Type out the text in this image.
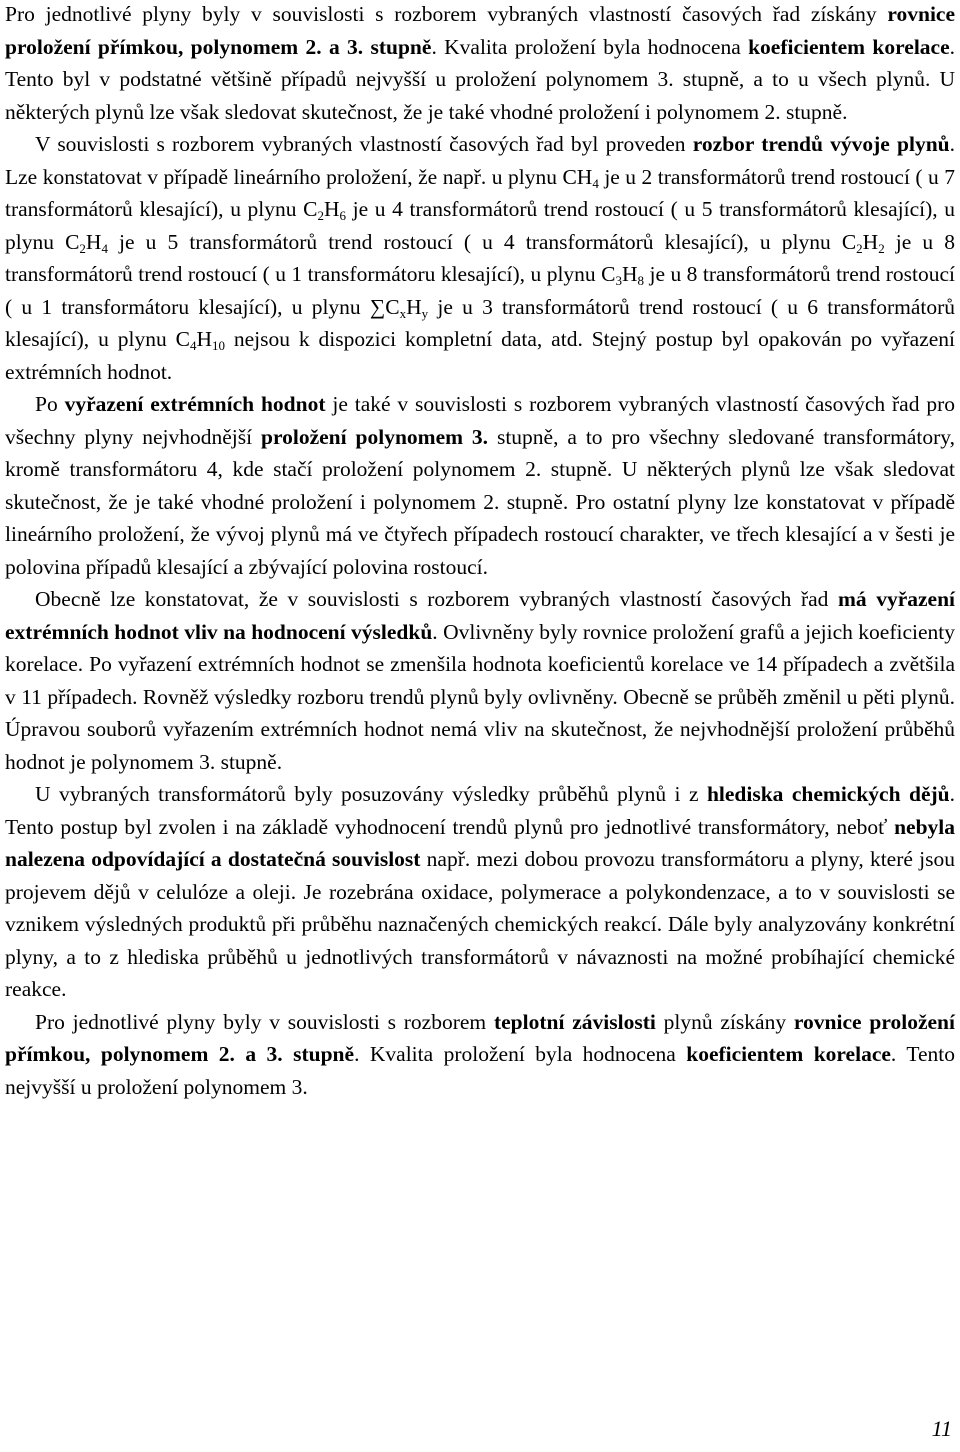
Pro jednotlivé plyny byly v souvislosti s rozborem vybraných vlastností časových řad získány rovnice proložení přímkou, polynomem 2. a 3. stupně. Kvalita proložení byla hodnocena koeficientem korelace. Tento byl v podstatné většině případů nejvyšší u proložení polynomem 3. stupně, a to u všech plynů. U některých plynů lze však sledovat skutečnost, že je také vhodné proložení i polynomem 2. stupně.

V souvislosti s rozborem vybraných vlastností časových řad byl proveden rozbor trendů vývoje plynů. Lze konstatovat v případě lineárního proložení, že např. u plynu $CH_4$ je u 2 transformátorů trend rostoucí ( u 7 transformátorů klesající), u plynu $C_2H_6$ je u 4 transformátorů trend rostoucí ( u 5 transformátorů klesající), u plynu $C_2H_4$ je u 5 transformátorů trend rostoucí ( u 4 transformátorů klesající), u plynu $C_2H_2$ je u 8 transformátorů trend rostoucí ( u 1 transformátoru klesající), u plynu $C_3H_8$ je u 8 transformátorů trend rostoucí ( u 1 transformátoru klesající), u plynu $\sum C_xH_y$ je u 3 transformátorů trend rostoucí ( u 6 transformátorů klesající), u plynu $C_4H_{10}$ nejsou k dispozici kompletní data, atd. Stejný postup byl opakován po vyřazení extrémních hodnot.

Po vyřazení extrémních hodnot je také v souvislosti s rozborem vybraných vlastností časových řad pro všechny plyny nejvhodnější proložení polynomem 3. stupně, a to pro všechny sledované transformátory, kromě transformátoru 4, kde stačí proložení polynomem 2. stupně. U některých plynů lze však sledovat skutečnost, že je také vhodné proložení i polynomem 2. stupně. Pro ostatní plyny lze konstatovat v případě lineárního proložení, že vývoj plynů má ve čtyřech případech rostoucí charakter, ve třech klesající a v šesti je polovina případů klesající a zbývající polovina rostoucí.

Obecně lze konstatovat, že v souvislosti s rozborem vybraných vlastností časových řad má vyřazení extrémních hodnot vliv na hodnocení výsledků. Ovlivněny byly rovnice proložení grafů a jejich koeficienty korelace. Po vyřazení extrémních hodnot se zmenšila hodnota koeficientů korelace ve 14 případech a zvětšila v 11 případech. Rovněž výsledky rozboru trendů plynů byly ovlivněny. Obecně se průběh změnil u pěti plynů. Úpravou souborů vyřazením extrémních hodnot nemá vliv na skutečnost, že nejvhodnější proložení průběhů hodnot je polynomem 3. stupně.

U vybraných transformátorů byly posuzovány výsledky průběhů plynů i z hlediska chemických dějů. Tento postup byl zvolen i na základě vyhodnocení trendů plynů pro jednotlivé transformátory, neboť nebyla nalezena odpovídající a dostatečná souvislost např. mezi dobou provozu transformátoru a plyny, které jsou projevem dějů v celulóze a oleji. Je rozebrána oxidace, polymerace a polykondenzace, a to v souvislosti se vznikem výsledných produktů při průběhu naznačených chemických reakcí. Dále byly analyzovány konkrétní plyny, a to z hlediska průběhů u jednotlivých transformátorů v návaznosti na možné probíhající chemické reakce.

Pro jednotlivé plyny byly v souvislosti s rozborem teplotní závislosti plynů získány rovnice proložení přímkou, polynomem 2. a 3. stupně. Kvalita proložení byla hodnocena koeficientem korelace. Tento nejvyšší u proložení polynomem 3.

11
